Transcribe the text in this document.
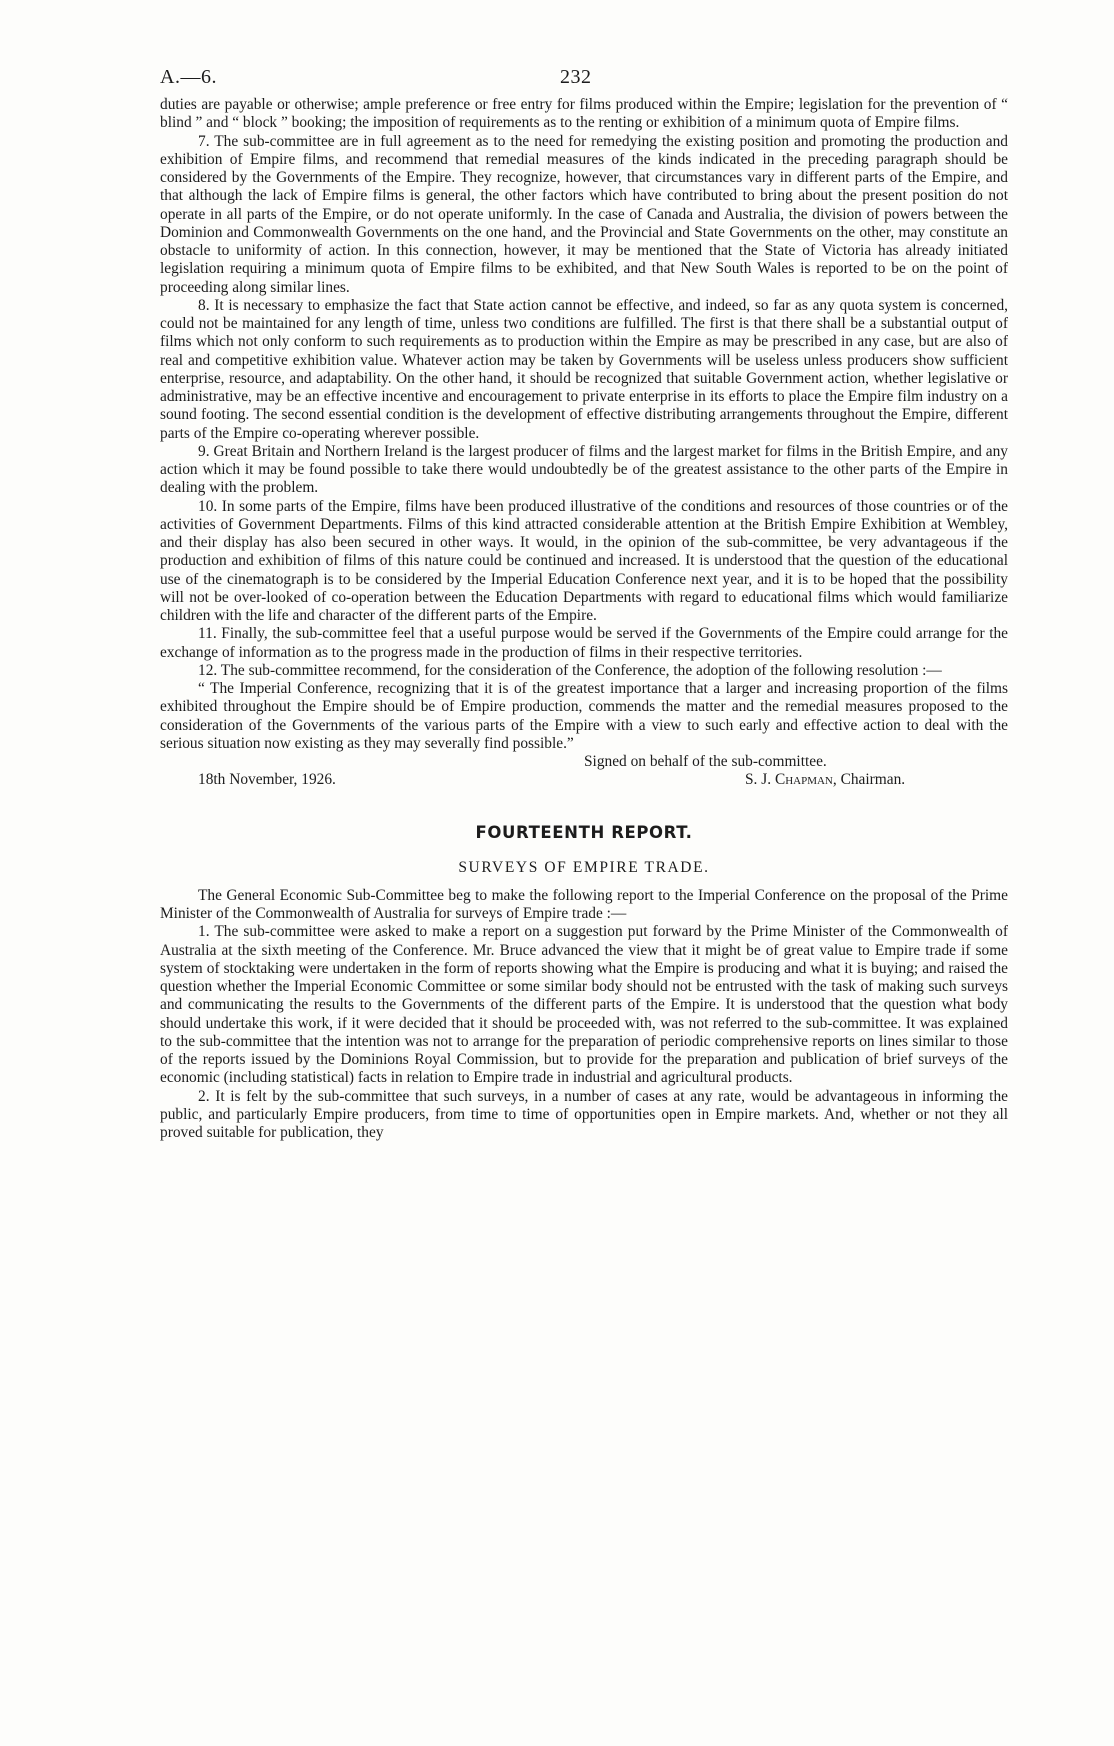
A.—6.	232

duties are payable or otherwise; ample preference or free entry for films produced within the Empire; legislation for the prevention of “ blind ” and “ block ” booking; the imposition of requirements as to the renting or exhibition of a minimum quota of Empire films.

7. The sub-committee are in full agreement as to the need for remedying the existing position and promoting the production and exhibition of Empire films, and recommend that remedial measures of the kinds indicated in the preceding paragraph should be considered by the Governments of the Empire. They recognize, however, that circumstances vary in different parts of the Empire, and that although the lack of Empire films is general, the other factors which have contributed to bring about the present position do not operate in all parts of the Empire, or do not operate uniformly. In the case of Canada and Australia, the division of powers between the Dominion and Commonwealth Governments on the one hand, and the Provincial and State Governments on the other, may constitute an obstacle to uniformity of action. In this connection, however, it may be mentioned that the State of Victoria has already initiated legislation requiring a minimum quota of Empire films to be exhibited, and that New South Wales is reported to be on the point of proceeding along similar lines.

8. It is necessary to emphasize the fact that State action cannot be effective, and indeed, so far as any quota system is concerned, could not be maintained for any length of time, unless two conditions are fulfilled. The first is that there shall be a substantial output of films which not only conform to such requirements as to production within the Empire as may be prescribed in any case, but are also of real and competitive exhibition value. Whatever action may be taken by Governments will be useless unless producers show sufficient enterprise, resource, and adaptability. On the other hand, it should be recognized that suitable Government action, whether legislative or administrative, may be an effective incentive and encouragement to private enterprise in its efforts to place the Empire film industry on a sound footing. The second essential condition is the development of effective distributing arrangements throughout the Empire, different parts of the Empire co-operating wherever possible.

9. Great Britain and Northern Ireland is the largest producer of films and the largest market for films in the British Empire, and any action which it may be found possible to take there would undoubtedly be of the greatest assistance to the other parts of the Empire in dealing with the problem.

10. In some parts of the Empire, films have been produced illustrative of the conditions and resources of those countries or of the activities of Government Departments. Films of this kind attracted considerable attention at the British Empire Exhibition at Wembley, and their display has also been secured in other ways. It would, in the opinion of the sub-committee, be very advantageous if the production and exhibition of films of this nature could be continued and increased. It is understood that the question of the educational use of the cinematograph is to be considered by the Imperial Education Conference next year, and it is to be hoped that the possibility will not be over-looked of co-operation between the Education Departments with regard to educational films which would familiarize children with the life and character of the different parts of the Empire.

11. Finally, the sub-committee feel that a useful purpose would be served if the Governments of the Empire could arrange for the exchange of information as to the progress made in the production of films in their respective territories.

12. The sub-committee recommend, for the consideration of the Conference, the adoption of the following resolution :—

“ The Imperial Conference, recognizing that it is of the greatest importance that a larger and increasing proportion of the films exhibited throughout the Empire should be of Empire production, commends the matter and the remedial measures proposed to the consideration of the Governments of the various parts of the Empire with a view to such early and effective action to deal with the serious situation now existing as they may severally find possible.”

Signed on behalf of the sub-committee.

18th November, 1926.	S. J. Chapman, Chairman.
FOURTEENTH REPORT.
SURVEYS OF EMPIRE TRADE.

The General Economic Sub-Committee beg to make the following report to the Imperial Conference on the proposal of the Prime Minister of the Commonwealth of Australia for surveys of Empire trade :—

1. The sub-committee were asked to make a report on a suggestion put forward by the Prime Minister of the Commonwealth of Australia at the sixth meeting of the Conference. Mr. Bruce advanced the view that it might be of great value to Empire trade if some system of stocktaking were undertaken in the form of reports showing what the Empire is producing and what it is buying; and raised the question whether the Imperial Economic Committee or some similar body should not be entrusted with the task of making such surveys and communicating the results to the Governments of the different parts of the Empire. It is understood that the question what body should undertake this work, if it were decided that it should be proceeded with, was not referred to the sub-committee. It was explained to the sub-committee that the intention was not to arrange for the preparation of periodic comprehensive reports on lines similar to those of the reports issued by the Dominions Royal Commission, but to provide for the preparation and publication of brief surveys of the economic (including statistical) facts in relation to Empire trade in industrial and agricultural products.

2. It is felt by the sub-committee that such surveys, in a number of cases at any rate, would be advantageous in informing the public, and particularly Empire producers, from time to time of opportunities open in Empire markets. And, whether or not they all proved suitable for publication, they
